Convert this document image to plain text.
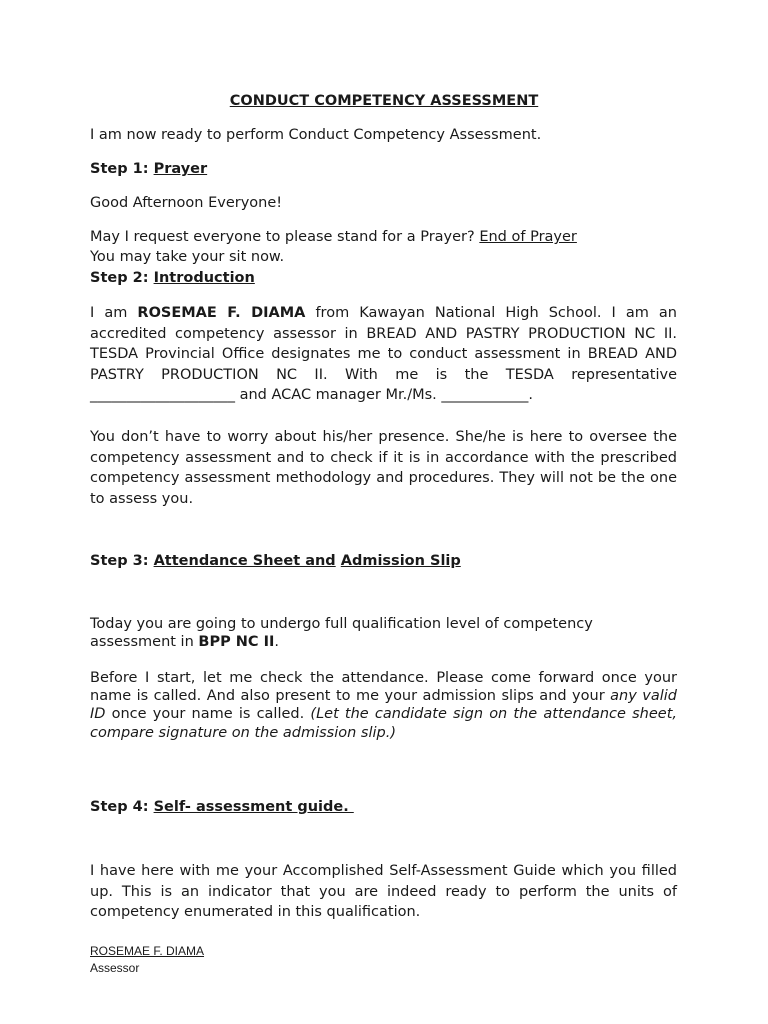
CONDUCT COMPETENCY ASSESSMENT

I am now ready to perform Conduct Competency Assessment.

Step 1: Prayer

Good Afternoon Everyone!

May I request everyone to please stand for a Prayer? End of Prayer

You may take your sit now.

Step 2: Introduction

I am ROSEMAE F. DIAMA from Kawayan National High School. I am an accredited competency assessor in BREAD AND PASTRY PRODUCTION NC II. TESDA Provincial Office designates me to conduct assessment in BREAD AND PASTRY PRODUCTION NC II. With me is the TESDA representative ____________________ and ACAC manager Mr./Ms. ____________.

You don’t have to worry about his/her presence. She/he is here to oversee the competency assessment and to check if it is in accordance with the prescribed competency assessment methodology and procedures. They will not be the one to assess you.

Step 3: Attendance Sheet and Admission Slip

Today you are going to undergo full qualification level of competency assessment in BPP NC II.

Before I start, let me check the attendance. Please come forward once your name is called. And also present to me your admission slips and your any valid ID once your name is called. (Let the candidate sign on the attendance sheet, compare signature on the admission slip.)

Step 4: Self- assessment guide.

I have here with me your Accomplished Self-Assessment Guide which you filled up. This is an indicator that you are indeed ready to perform the units of competency enumerated in this qualification.

ROSEMAE F. DIAMA
Assessor
